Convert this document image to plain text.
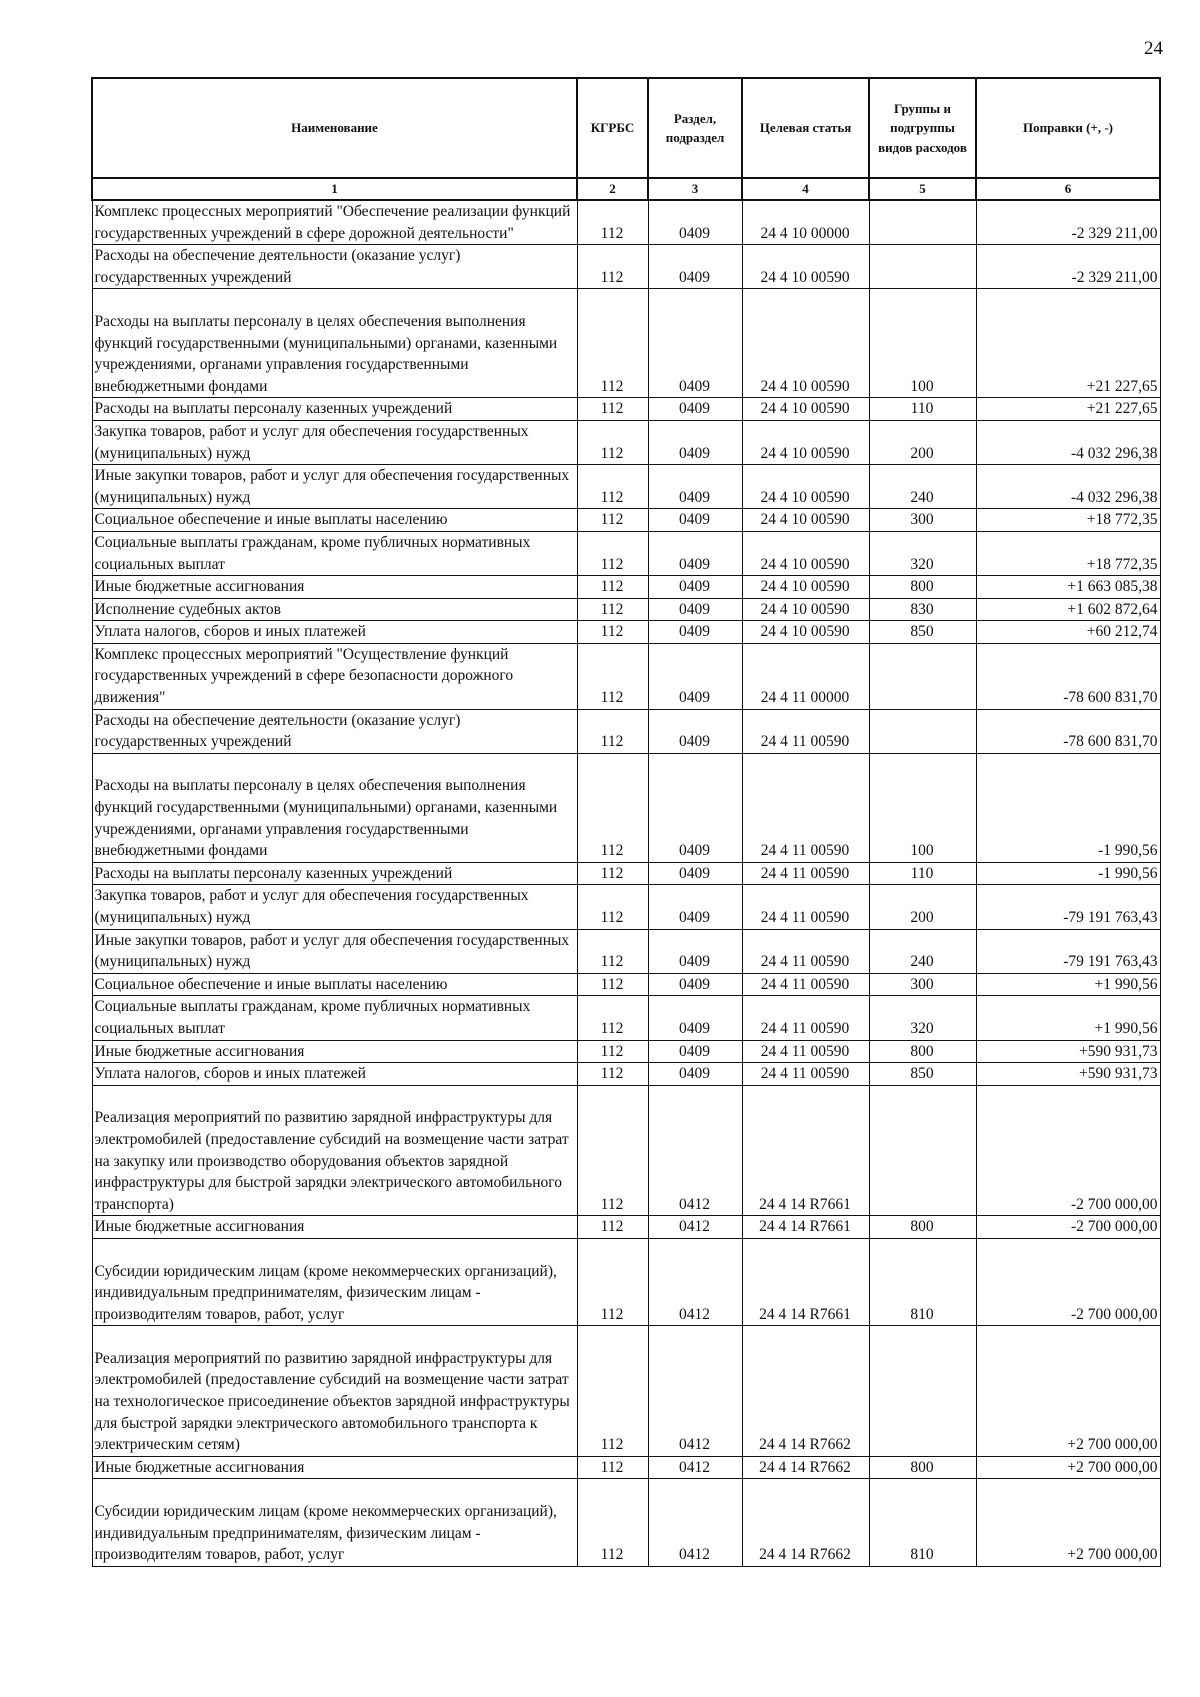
24
Наименование	КГРБС	Раздел, подраздел	Целевая статья	Группы и подгруппы видов расходов	Поправки (+, -)
1	2	3	4	5	6
Комплекс процессных мероприятий "Обеспечение реализации функций государственных учреждений в сфере дорожной деятельности"	112	0409	24 4 10 00000		-2 329 211,00
Расходы на обеспечение деятельности (оказание услуг) государственных учреждений	112	0409	24 4 10 00590		-2 329 211,00

Расходы на выплаты персоналу в целях обеспечения выполнения функций государственными (муниципальными) органами, казенными учреждениями, органами управления государственными внебюджетными фондами	112	0409	24 4 10 00590	100	+21 227,65
Расходы на выплаты персоналу казенных учреждений	112	0409	24 4 10 00590	110	+21 227,65
Закупка товаров, работ и услуг для обеспечения государственных (муниципальных) нужд	112	0409	24 4 10 00590	200	-4 032 296,38
Иные закупки товаров, работ и услуг для обеспечения государственных (муниципальных) нужд	112	0409	24 4 10 00590	240	-4 032 296,38
Социальное обеспечение и иные выплаты населению	112	0409	24 4 10 00590	300	+18 772,35
Социальные выплаты гражданам, кроме публичных нормативных социальных выплат	112	0409	24 4 10 00590	320	+18 772,35
Иные бюджетные ассигнования	112	0409	24 4 10 00590	800	+1 663 085,38
Исполнение судебных актов	112	0409	24 4 10 00590	830	+1 602 872,64
Уплата налогов, сборов и иных платежей	112	0409	24 4 10 00590	850	+60 212,74
Комплекс процессных мероприятий "Осуществление функций государственных учреждений в сфере безопасности дорожного движения"	112	0409	24 4 11 00000		-78 600 831,70
Расходы на обеспечение деятельности (оказание услуг) государственных учреждений	112	0409	24 4 11 00590		-78 600 831,70

Расходы на выплаты персоналу в целях обеспечения выполнения функций государственными (муниципальными) органами, казенными учреждениями, органами управления государственными внебюджетными фондами	112	0409	24 4 11 00590	100	-1 990,56
Расходы на выплаты персоналу казенных учреждений	112	0409	24 4 11 00590	110	-1 990,56
Закупка товаров, работ и услуг для обеспечения государственных (муниципальных) нужд	112	0409	24 4 11 00590	200	-79 191 763,43
Иные закупки товаров, работ и услуг для обеспечения государственных (муниципальных) нужд	112	0409	24 4 11 00590	240	-79 191 763,43
Социальное обеспечение и иные выплаты населению	112	0409	24 4 11 00590	300	+1 990,56
Социальные выплаты гражданам, кроме публичных нормативных социальных выплат	112	0409	24 4 11 00590	320	+1 990,56
Иные бюджетные ассигнования	112	0409	24 4 11 00590	800	+590 931,73
Уплата налогов, сборов и иных платежей	112	0409	24 4 11 00590	850	+590 931,73

Реализация мероприятий по развитию зарядной инфраструктуры для электромобилей (предоставление субсидий на возмещение части затрат на закупку или производство оборудования объектов зарядной инфраструктуры для быстрой зарядки электрического автомобильного транспорта)	112	0412	24 4 14 R7661		-2 700 000,00
Иные бюджетные ассигнования	112	0412	24 4 14 R7661	800	-2 700 000,00

Субсидии юридическим лицам (кроме некоммерческих организаций), индивидуальным предпринимателям, физическим лицам - производителям товаров, работ, услуг	112	0412	24 4 14 R7661	810	-2 700 000,00

Реализация мероприятий по развитию зарядной инфраструктуры для электромобилей (предоставление субсидий на возмещение части затрат на технологическое присоединение объектов зарядной инфраструктуры для быстрой зарядки электрического автомобильного транспорта к электрическим сетям)	112	0412	24 4 14 R7662		+2 700 000,00
Иные бюджетные ассигнования	112	0412	24 4 14 R7662	800	+2 700 000,00

Субсидии юридическим лицам (кроме некоммерческих организаций), индивидуальным предпринимателям, физическим лицам - производителям товаров, работ, услуг	112	0412	24 4 14 R7662	810	+2 700 000,00
